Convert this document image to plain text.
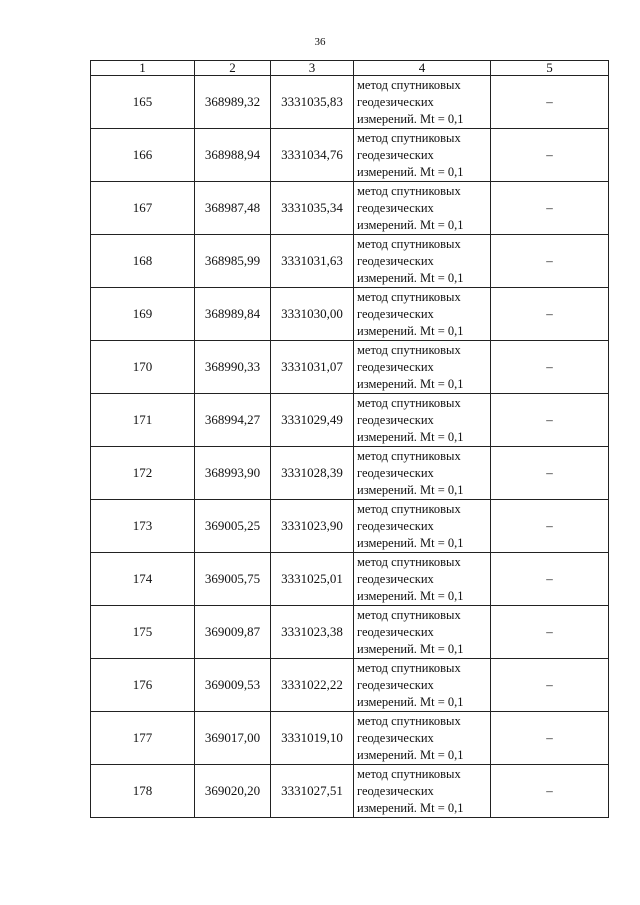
36
1	2	3	4	5
165	368989,32	3331035,83	метод спутниковых
геодезических
измерений. Mt = 0,1	–
166	368988,94	3331034,76	метод спутниковых
геодезических
измерений. Mt = 0,1	–
167	368987,48	3331035,34	метод спутниковых
геодезических
измерений. Mt = 0,1	–
168	368985,99	3331031,63	метод спутниковых
геодезических
измерений. Mt = 0,1	–
169	368989,84	3331030,00	метод спутниковых
геодезических
измерений. Mt = 0,1	–
170	368990,33	3331031,07	метод спутниковых
геодезических
измерений. Mt = 0,1	–
171	368994,27	3331029,49	метод спутниковых
геодезических
измерений. Mt = 0,1	–
172	368993,90	3331028,39	метод спутниковых
геодезических
измерений. Mt = 0,1	–
173	369005,25	3331023,90	метод спутниковых
геодезических
измерений. Mt = 0,1	–
174	369005,75	3331025,01	метод спутниковых
геодезических
измерений. Mt = 0,1	–
175	369009,87	3331023,38	метод спутниковых
геодезических
измерений. Mt = 0,1	–
176	369009,53	3331022,22	метод спутниковых
геодезических
измерений. Mt = 0,1	–
177	369017,00	3331019,10	метод спутниковых
геодезических
измерений. Mt = 0,1	–
178	369020,20	3331027,51	метод спутниковых
геодезических
измерений. Mt = 0,1	–
